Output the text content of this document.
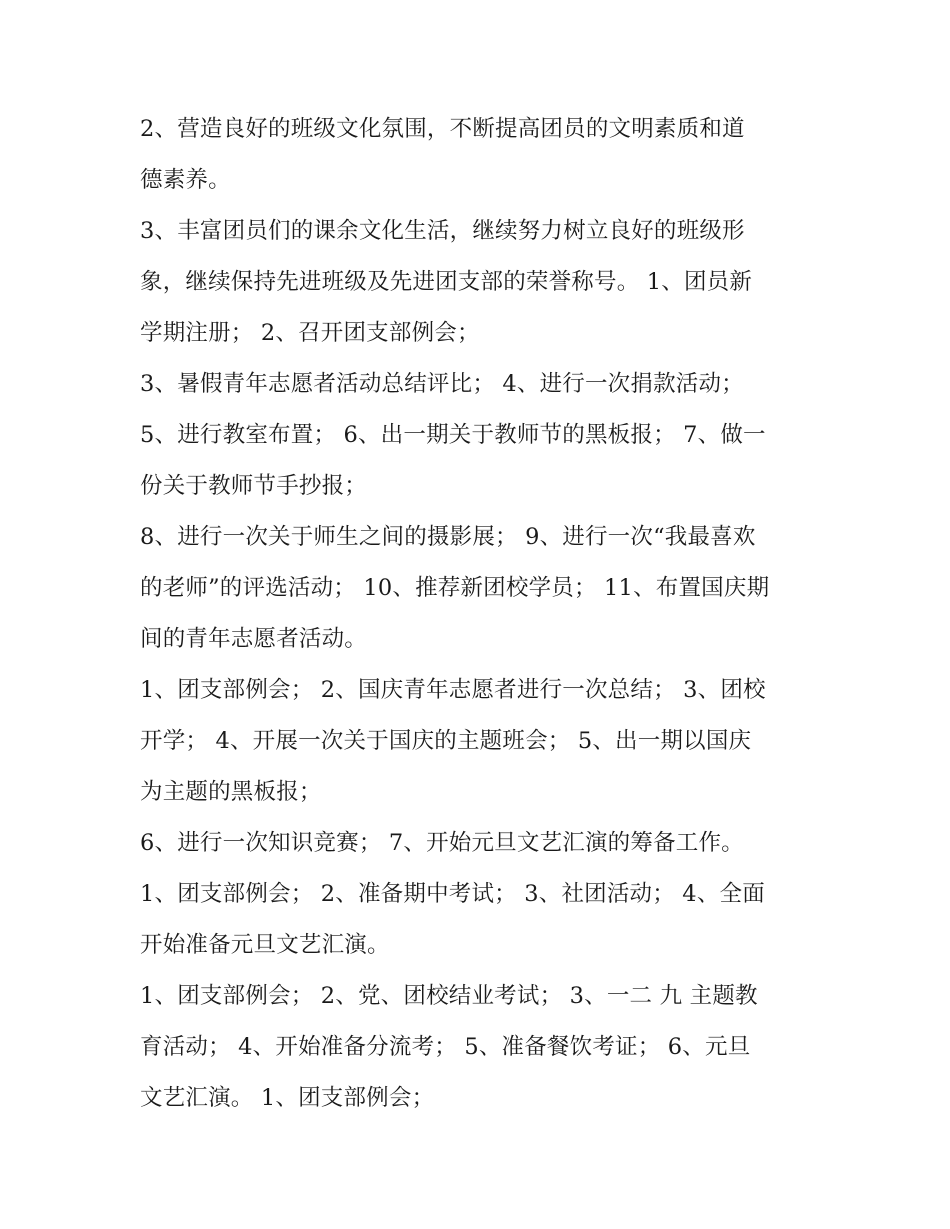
2、营造良好的班级文化氛围，不断提高团员的文明素质和道
德素养。
3、丰富团员们的课余文化生活，继续努力树立良好的班级形
象，继续保持先进班级及先进团支部的荣誉称号。 1、团员新
学期注册； 2、召开团支部例会；
3、暑假青年志愿者活动总结评比； 4、进行一次捐款活动；
5、进行教室布置； 6、出一期关于教师节的黑板报； 7、做一
份关于教师节手抄报；
8、进行一次关于师生之间的摄影展； 9、进行一次“我最喜欢
的老师”的评选活动； 10、推荐新团校学员； 11、布置国庆期
间的青年志愿者活动。
1、团支部例会； 2、国庆青年志愿者进行一次总结； 3、团校
开学； 4、开展一次关于国庆的主题班会； 5、出一期以国庆
为主题的黑板报；
6、进行一次知识竞赛； 7、开始元旦文艺汇演的筹备工作。
1、团支部例会； 2、准备期中考试； 3、社团活动； 4、全面
开始准备元旦文艺汇演。
1、团支部例会； 2、党、团校结业考试； 3、一二 九 主题教
育活动； 4、开始准备分流考； 5、准备餐饮考证； 6、元旦
文艺汇演。 1、团支部例会；
